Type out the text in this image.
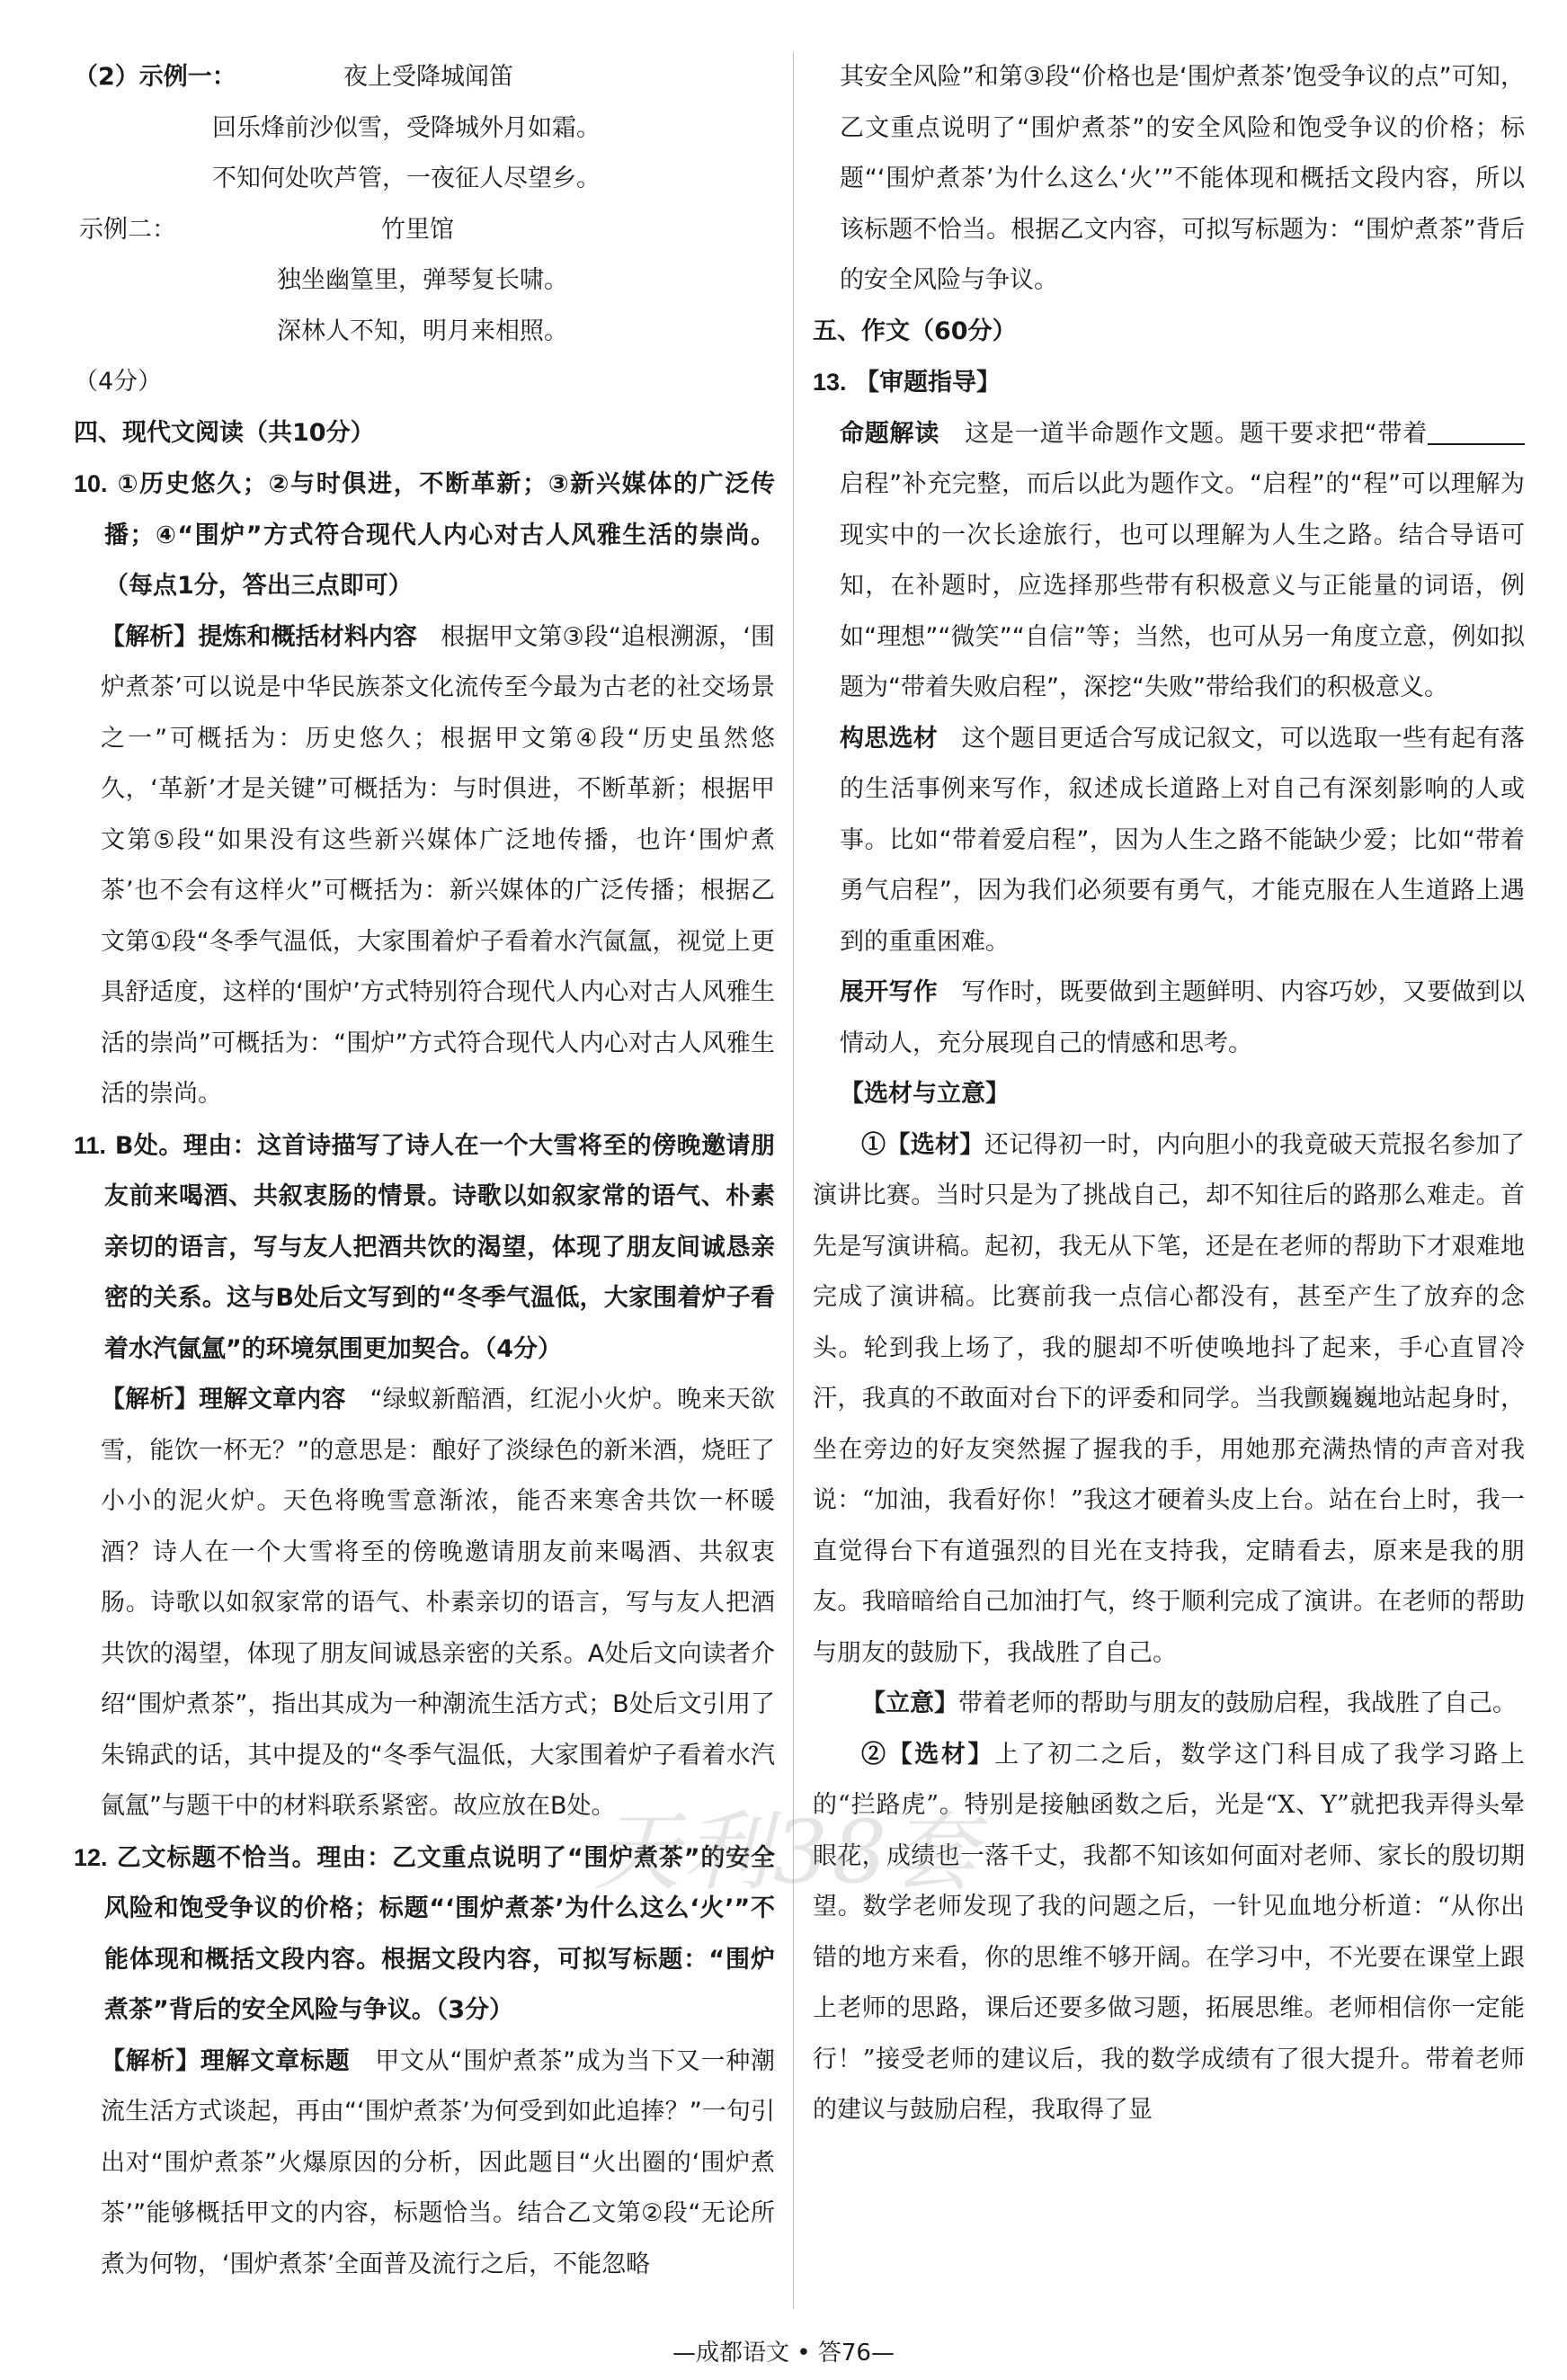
（2）示例一：	夜上受降城闻笛

回乐烽前沙似雪，受降城外月如霜。

不知何处吹芦管，一夜征人尽望乡。

示例二：	竹里馆

独坐幽篁里，弹琴复长啸。

深林人不知，明月来相照。

（4分）

四、现代文阅读（共10分）

10. ①历史悠久；②与时俱进，不断革新；③新兴媒体的广泛传播；④“围炉”方式符合现代人内心对古人风雅生活的崇尚。（每点1分，答出三点即可）

【解析】提炼和概括材料内容 根据甲文第③段“追根溯源，‘围炉煮茶’可以说是中华民族茶文化流传至今最为古老的社交场景之一”可概括为：历史悠久；根据甲文第④段“历史虽然悠久，‘革新’才是关键”可概括为：与时俱进，不断革新；根据甲文第⑤段“如果没有这些新兴媒体广泛地传播，也许‘围炉煮茶’也不会有这样火”可概括为：新兴媒体的广泛传播；根据乙文第①段“冬季气温低，大家围着炉子看着水汽氤氲，视觉上更具舒适度，这样的‘围炉’方式特别符合现代人内心对古人风雅生活的崇尚”可概括为：“围炉”方式符合现代人内心对古人风雅生活的崇尚。

11. B处。理由：这首诗描写了诗人在一个大雪将至的傍晚邀请朋友前来喝酒、共叙衷肠的情景。诗歌以如叙家常的语气、朴素亲切的语言，写与友人把酒共饮的渴望，体现了朋友间诚恳亲密的关系。这与B处后文写到的“冬季气温低，大家围着炉子看着水汽氤氲”的环境氛围更加契合。（4分）

【解析】理解文章内容 “绿蚁新醅酒，红泥小火炉。晚来天欲雪，能饮一杯无？”的意思是：酿好了淡绿色的新米酒，烧旺了小小的泥火炉。天色将晚雪意渐浓，能否来寒舍共饮一杯暖酒？诗人在一个大雪将至的傍晚邀请朋友前来喝酒、共叙衷肠。诗歌以如叙家常的语气、朴素亲切的语言，写与友人把酒共饮的渴望，体现了朋友间诚恳亲密的关系。A处后文向读者介绍“围炉煮茶”，指出其成为一种潮流生活方式；B处后文引用了朱锦武的话，其中提及的“冬季气温低，大家围着炉子看着水汽氤氲”与题干中的材料联系紧密。故应放在B处。

12. 乙文标题不恰当。理由：乙文重点说明了“围炉煮茶”的安全风险和饱受争议的价格；标题“‘围炉煮茶’为什么这么‘火’”不能体现和概括文段内容。根据文段内容，可拟写标题：“围炉煮茶”背后的安全风险与争议。（3分）

【解析】理解文章标题 甲文从“围炉煮茶”成为当下又一种潮流生活方式谈起，再由“‘围炉煮茶’为何受到如此追捧？”一句引出对“围炉煮茶”火爆原因的分析，因此题目“火出圈的‘围炉煮茶’”能够概括甲文的内容，标题恰当。结合乙文第②段“无论所煮为何物，‘围炉煮茶’全面普及流行之后，不能忽略

其安全风险”和第③段“价格也是‘围炉煮茶’饱受争议的点”可知，乙文重点说明了“围炉煮茶”的安全风险和饱受争议的价格；标题“‘围炉煮茶’为什么这么‘火’”不能体现和概括文段内容，所以该标题不恰当。根据乙文内容，可拟写标题为：“围炉煮茶”背后的安全风险与争议。

五、作文（60分）

13. 【审题指导】

命题解读 这是一道半命题作文题。题干要求把“带着启程”补充完整，而后以此为题作文。“启程”的“程”可以理解为现实中的一次长途旅行，也可以理解为人生之路。结合导语可知，在补题时，应选择那些带有积极意义与正能量的词语，例如“理想”“微笑”“自信”等；当然，也可从另一角度立意，例如拟题为“带着失败启程”，深挖“失败”带给我们的积极意义。

构思选材 这个题目更适合写成记叙文，可以选取一些有起有落的生活事例来写作，叙述成长道路上对自己有深刻影响的人或事。比如“带着爱启程”，因为人生之路不能缺少爱；比如“带着勇气启程”，因为我们必须要有勇气，才能克服在人生道路上遇到的重重困难。

展开写作 写作时，既要做到主题鲜明、内容巧妙，又要做到以情动人，充分展现自己的情感和思考。

【选材与立意】

①【选材】还记得初一时，内向胆小的我竟破天荒报名参加了演讲比赛。当时只是为了挑战自己，却不知往后的路那么难走。首先是写演讲稿。起初，我无从下笔，还是在老师的帮助下才艰难地完成了演讲稿。比赛前我一点信心都没有，甚至产生了放弃的念头。轮到我上场了，我的腿却不听使唤地抖了起来，手心直冒冷汗，我真的不敢面对台下的评委和同学。当我颤巍巍地站起身时，坐在旁边的好友突然握了握我的手，用她那充满热情的声音对我说：“加油，我看好你！”我这才硬着头皮上台。站在台上时，我一直觉得台下有道强烈的目光在支持我，定睛看去，原来是我的朋友。我暗暗给自己加油打气，终于顺利完成了演讲。在老师的帮助与朋友的鼓励下，我战胜了自己。

【立意】带着老师的帮助与朋友的鼓励启程，我战胜了自己。

②【选材】上了初二之后，数学这门科目成了我学习路上的“拦路虎”。特别是接触函数之后，光是“X、Y”就把我弄得头晕眼花，成绩也一落千丈，我都不知该如何面对老师、家长的殷切期望。数学老师发现了我的问题之后，一针见血地分析道：“从你出错的地方来看，你的思维不够开阔。在学习中，不光要在课堂上跟上老师的思路，课后还要多做习题，拓展思维。老师相信你一定能行！”接受老师的建议后，我的数学成绩有了很大提升。带着老师的建议与鼓励启程，我取得了显

天利38套
—成都语文 • 答76—
